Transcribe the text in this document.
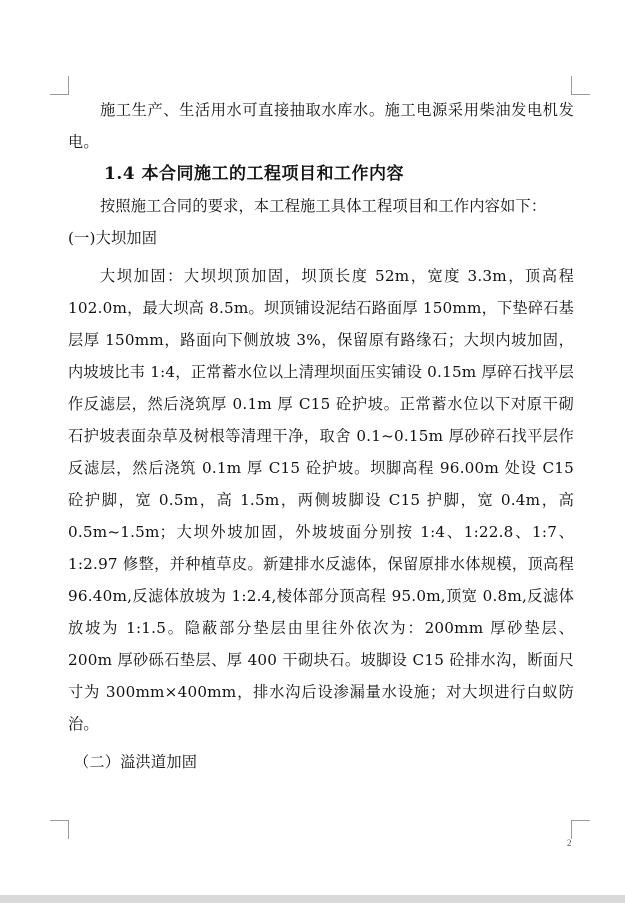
施工生产、生活用水可直接抽取水库水。施工电源采用柴油发电机发电。

1.4 本合同施工的工程项目和工作内容

按照施工合同的要求，本工程施工具体工程项目和工作内容如下：

(一)大坝加固

大坝加固：大坝坝顶加固，坝顶长度 52m，宽度 3.3m，顶高程 102.0m，最大坝高 8.5m。坝顶铺设泥结石路面厚 150mm，下垫碎石基层厚 150mm，路面向下侧放坡 3%，保留原有路缘石；大坝内坡加固，内坡坡比韦 1:4，正常蓄水位以上清理坝面压实铺设 0.15m 厚碎石找平层作反滤层，然后浇筑厚 0.1m 厚 C15 砼护坡。正常蓄水位以下对原干砌石护坡表面杂草及树根等清理干净，取舍 0.1~0.15m 厚砂碎石找平层作反滤层，然后浇筑 0.1m 厚 C15 砼护坡。坝脚高程 96.00m 处设 C15 砼护脚，宽 0.5m，高 1.5m，两侧坡脚设 C15 护脚，宽 0.4m，高 0.5m~1.5m；大坝外坡加固，外坡坡面分别按 1:4、1:22.8、1:7、1:2.97 修整，并种植草皮。新建排水反滤体，保留原排水体规模，顶高程 96.40m,反滤体放坡为 1:2.4,棱体部分顶高程 95.0m,顶宽 0.8m,反滤体放坡为 1:1.5。隐蔽部分垫层由里往外依次为：200mm 厚砂垫层、200m 厚砂砾石垫层、厚 400 干砌块石。坡脚设 C15 砼排水沟，断面尺寸为 300mm×400mm，排水沟后设渗漏量水设施；对大坝进行白蚁防治。

（二）溢洪道加固

2
